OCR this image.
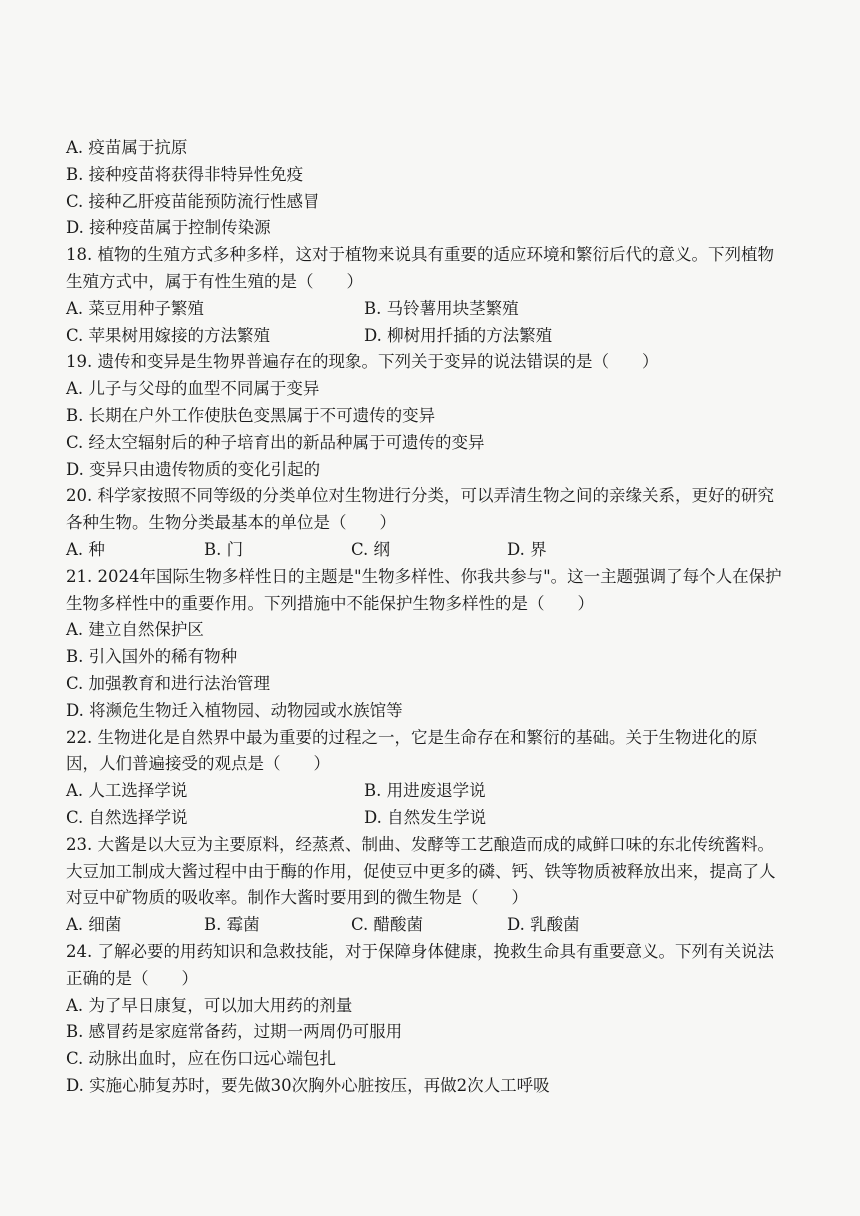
A. 疫苗属于抗原
B. 接种疫苗将获得非特异性免疫
C. 接种乙肝疫苗能预防流行性感冒
D. 接种疫苗属于控制传染源
18. 植物的生殖方式多种多样，这对于植物来说具有重要的适应环境和繁衍后代的意义。下列植物生殖方式中，属于有性生殖的是（　　）
A. 菜豆用种子繁殖	B. 马铃薯用块茎繁殖
C. 苹果树用嫁接的方法繁殖	D. 柳树用扦插的方法繁殖
19. 遗传和变异是生物界普遍存在的现象。下列关于变异的说法错误的是（　　）
A. 儿子与父母的血型不同属于变异
B. 长期在户外工作使肤色变黑属于不可遗传的变异
C. 经太空辐射后的种子培育出的新品种属于可遗传的变异
D. 变异只由遗传物质的变化引起的
20. 科学家按照不同等级的分类单位对生物进行分类，可以弄清生物之间的亲缘关系，更好的研究各种生物。生物分类最基本的单位是（　　）
A. 种	B. 门	C. 纲	D. 界
21. 2024年国际生物多样性日的主题是"生物多样性、你我共参与"。这一主题强调了每个人在保护生物多样性中的重要作用。下列措施中不能保护生物多样性的是（　　）
A. 建立自然保护区
B. 引入国外的稀有物种
C. 加强教育和进行法治管理
D. 将濒危生物迁入植物园、动物园或水族馆等
22. 生物进化是自然界中最为重要的过程之一，它是生命存在和繁衍的基础。关于生物进化的原因，人们普遍接受的观点是（　　）
A. 人工选择学说	B. 用进废退学说
C. 自然选择学说	D. 自然发生学说
23. 大酱是以大豆为主要原料，经蒸煮、制曲、发酵等工艺酿造而成的咸鲜口味的东北传统酱料。大豆加工制成大酱过程中由于酶的作用，促使豆中更多的磷、钙、铁等物质被释放出来，提高了人对豆中矿物质的吸收率。制作大酱时要用到的微生物是（　　）
A. 细菌	B. 霉菌	C. 醋酸菌	D. 乳酸菌
24. 了解必要的用药知识和急救技能，对于保障身体健康，挽救生命具有重要意义。下列有关说法正确的是（　　）
A. 为了早日康复，可以加大用药的剂量
B. 感冒药是家庭常备药，过期一两周仍可服用
C. 动脉出血时，应在伤口远心端包扎
D. 实施心肺复苏时，要先做30次胸外心脏按压，再做2次人工呼吸
